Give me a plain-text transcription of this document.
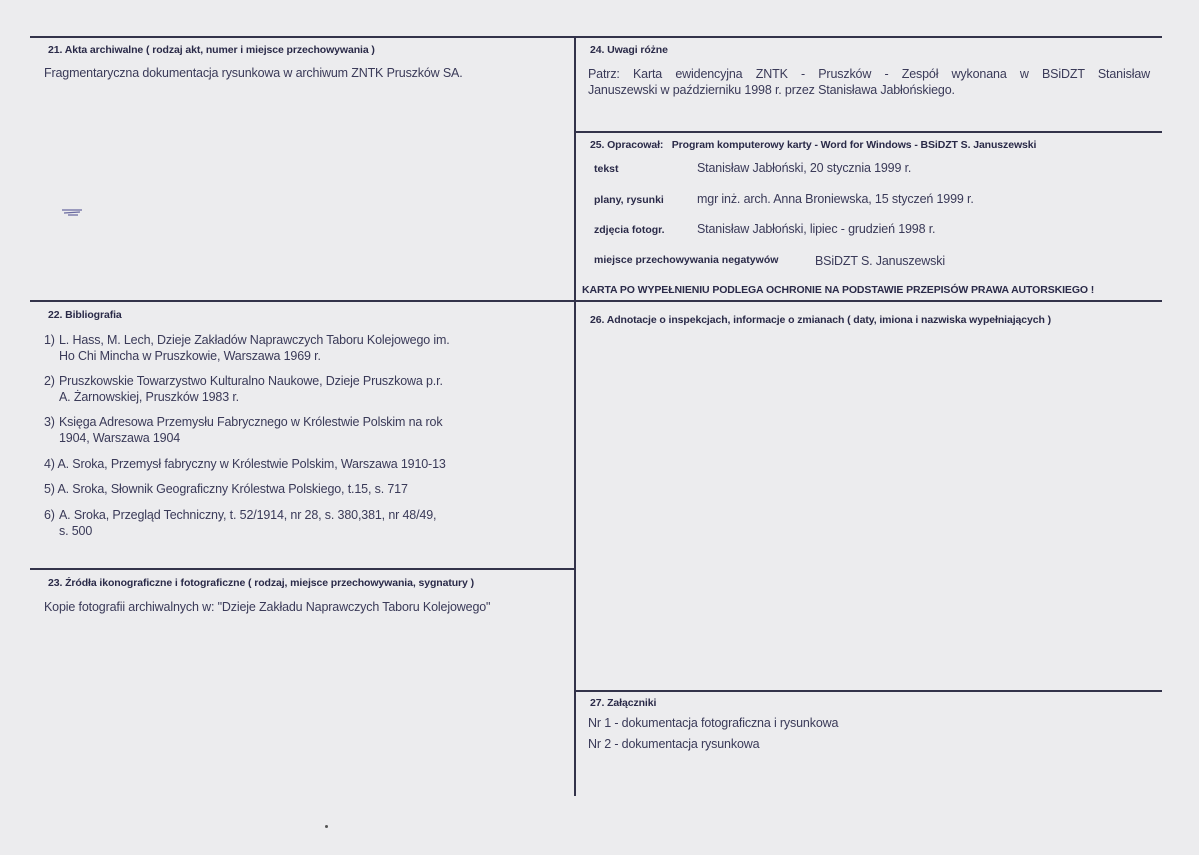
21. Akta archiwalne ( rodzaj akt, numer i miejsce przechowywania )
Fragmentaryczna dokumentacja rysunkowa w archiwum ZNTK Pruszków SA.
22. Bibliografia
1) L. Hass, M. Lech, Dzieje Zakładów Naprawczych Taboru Kolejowego im.
Ho Chi Mincha w Pruszkowie, Warszawa 1969 r.
2) Pruszkowskie Towarzystwo Kulturalno Naukowe, Dzieje Pruszkowa p.r.
A. Żarnowskiej, Pruszków 1983 r.
3) Księga Adresowa Przemysłu Fabrycznego w Królestwie Polskim na rok
1904, Warszawa 1904
4) A. Sroka, Przemysł fabryczny w Królestwie Polskim, Warszawa 1910-13
5) A. Sroka, Słownik Geograficzny Królestwa Polskiego, t.15, s. 717
6) A. Sroka, Przegląd Techniczny, t. 52/1914, nr 28, s. 380,381, nr 48/49,
s. 500
23. Źródła ikonograficzne i fotograficzne ( rodzaj, miejsce przechowywania, sygnatury )
Kopie fotografii archiwalnych w: "Dzieje Zakładu Naprawczych Taboru Kolejowego"
24. Uwagi różne
Patrz: Karta ewidencyjna ZNTK - Pruszków - Zespół wykonana w BSiDZT Stanisław
Januszewski w październiku 1998 r. przez Stanisława Jabłońskiego.
25. Opracował:   Program komputerowy karty - Word for Windows - BSiDZT S. Januszewski
tekst	Stanisław Jabłoński, 20 stycznia 1999 r.
plany, rysunki	mgr inż. arch. Anna Broniewska, 15 styczeń 1999 r.
zdjęcia fotogr.	Stanisław Jabłoński, lipiec - grudzień 1998 r.
miejsce przechowywania negatywów	BSiDZT S. Januszewski
KARTA PO WYPEŁNIENIU PODLEGA OCHRONIE NA PODSTAWIE PRZEPISÓW PRAWA AUTORSKIEGO !
26. Adnotacje o inspekcjach, informacje o zmianach ( daty, imiona i nazwiska wypełniających )
27. Załączniki
Nr 1 - dokumentacja fotograficzna i rysunkowa
Nr 2 - dokumentacja rysunkowa
